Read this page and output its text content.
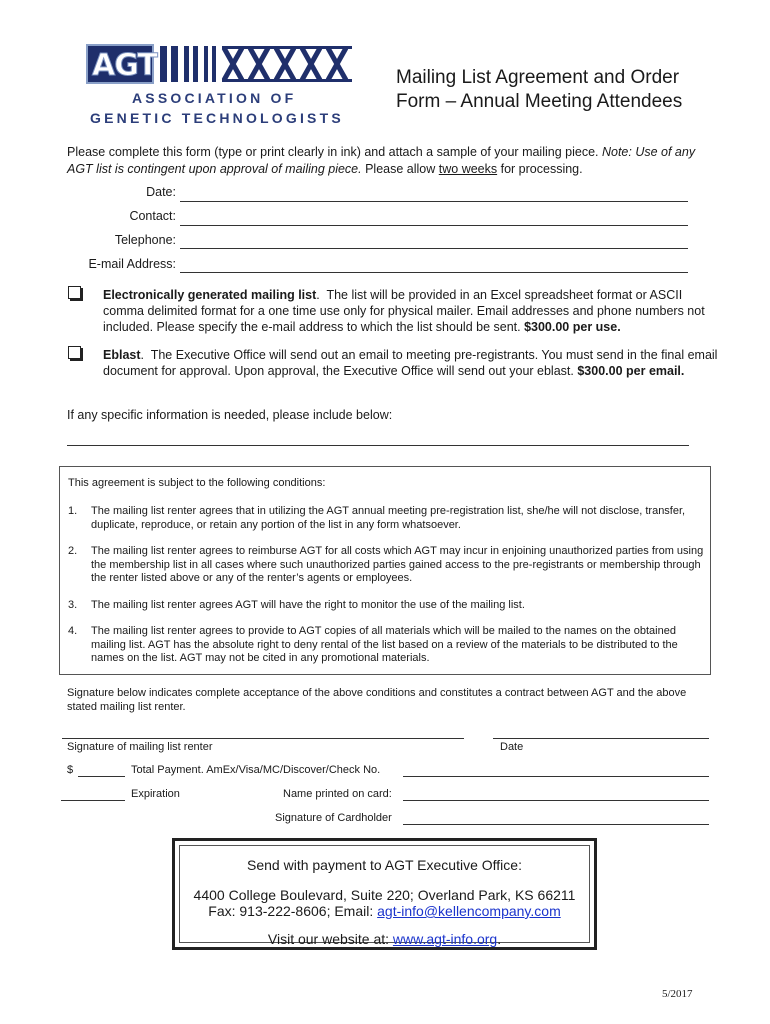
AGT
ASSOCIATION OF
GENETIC TECHNOLOGISTS
Mailing List Agreement and Order
Form – Annual Meeting Attendees
Please complete this form (type or print clearly in ink) and attach a sample of your mailing piece. Note: Use of any AGT list is contingent upon approval of mailing piece. Please allow two weeks for processing.
Date:
Contact:
Telephone:
E-mail Address:
Electronically generated mailing list.  The list will be provided in an Excel spreadsheet format or ASCII comma delimited format for a one time use only for physical mailer. Email addresses and phone numbers not included. Please specify the e-mail address to which the list should be sent. $300.00 per use.
Eblast.  The Executive Office will send out an email to meeting pre-registrants. You must send in the final email document for approval. Upon approval, the Executive Office will send out your eblast. $300.00 per email.
If any specific information is needed, please include below:
This agreement is subject to the following conditions:
1. The mailing list renter agrees that in utilizing the AGT annual meeting pre-registration list, she/he will not disclose, transfer, duplicate, reproduce, or retain any portion of the list in any form whatsoever.
2. The mailing list renter agrees to reimburse AGT for all costs which AGT may incur in enjoining unauthorized parties from using the membership list in all cases where such unauthorized parties gained access to the pre-registrants or membership through the renter listed above or any of the renter’s agents or employees.
3. The mailing list renter agrees AGT will have the right to monitor the use of the mailing list.
4. The mailing list renter agrees to provide to AGT copies of all materials which will be mailed to the names on the obtained mailing list. AGT has the absolute right to deny rental of the list based on a review of the materials to be distributed to the names on the list. AGT may not be cited in any promotional materials.
Signature below indicates complete acceptance of the above conditions and constitutes a contract between AGT and the above stated mailing list renter.
Signature of mailing list renter	Date
$	Total Payment. AmEx/Visa/MC/Discover/Check No.
Expiration	Name printed on card:
Signature of Cardholder
Send with payment to AGT Executive Office:
4400 College Boulevard, Suite 220; Overland Park, KS 66211
Fax: 913-222-8606; Email: agt-info@kellencompany.com
Visit our website at: www.agt-info.org.
5/2017
